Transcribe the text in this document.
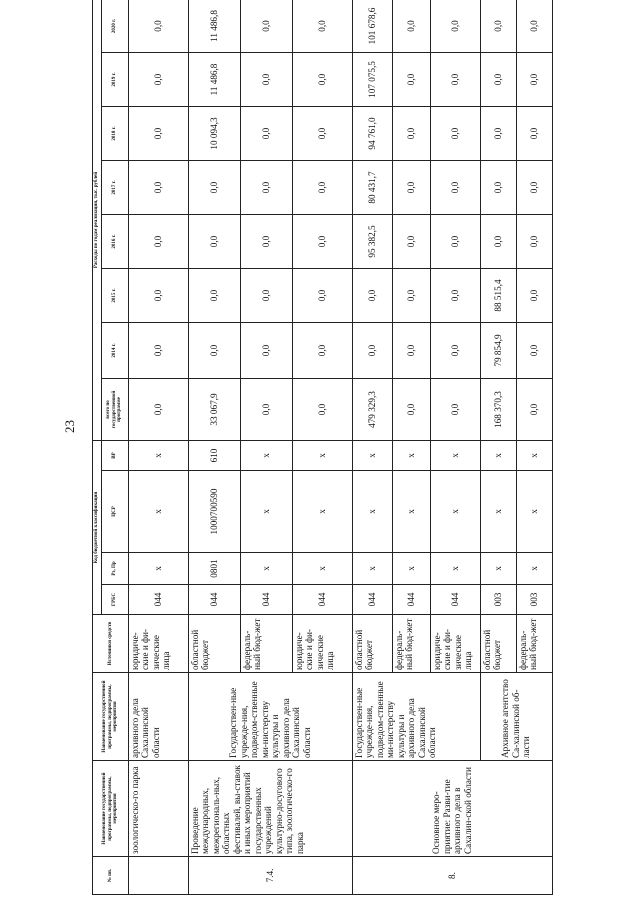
23
№ пп.	Наименование государственной программы, подпрограммы, мероприятия	Наименование государственной программы, подпрограммы, мероприятия	Источники средств	Код бюджетной классификации				Расходы по годам реализации, тыс. рублей							
				ГРБС	Рз, Пр	ЦСР	ВР	всего по государственной программе	2014 г.	2015 г.	2016 г.	2017 г.	2018 г.	2019 г.	2020 г.
	зоологическо-го парка	архивного дела Сахалинской области	юридиче-ские и фи-зические лица	044	x	x	x	0,0	0,0	0,0	0,0	0,0	0,0	0,0	0,0
7.4.	Проведение международных, межрегиональ-ных, областных фестивалей, вы-ставок и иных мероприятий государственных учреждений культурно-досугового типа, зоологическо-го парка	Государствен-ные учрежде-ния, подведом-ственные ми-нистерству культуры и архивного дела Сахалинской области	областной бюджет	044	0801	1000700590	610	33 067,9	0,0	0,0	0,0	0,0	10 094,3	11 486,8	11 486,8
			федераль-ный бюд-жет	044	x	x	x	0,0	0,0	0,0	0,0	0,0	0,0	0,0	0,0
			юридиче-ские и фи-зические лица	044	x	x	x	0,0	0,0	0,0	0,0	0,0	0,0	0,0	0,0
8.	Основное меро-приятие: Разви-тие архивного дела в Сахалин-ской области	Государствен-ные учрежде-ния, подведом-ственные ми-нистерству культуры и архивного дела Сахалинской области	областной бюджет	044	x	x	x	479 329,3	0,0	0,0	95 382,5	80 431,7	94 761,0	107 075,5	101 678,6
			федераль-ный бюд-жет	044	x	x	x	0,0	0,0	0,0	0,0	0,0	0,0	0,0	0,0
			юридиче-ские и фи-зические лица	044	x	x	x	0,0	0,0	0,0	0,0	0,0	0,0	0,0	0,0
		Архивное агентство Са-халинской об-ласти	областной бюджет	003	x	x	x	168 370,3	79 854,9	88 515,4	0,0	0,0	0,0	0,0	0,0
			федераль-ный бюд-жет	003	x	x	x	0,0	0,0	0,0	0,0	0,0	0,0	0,0	0,0
